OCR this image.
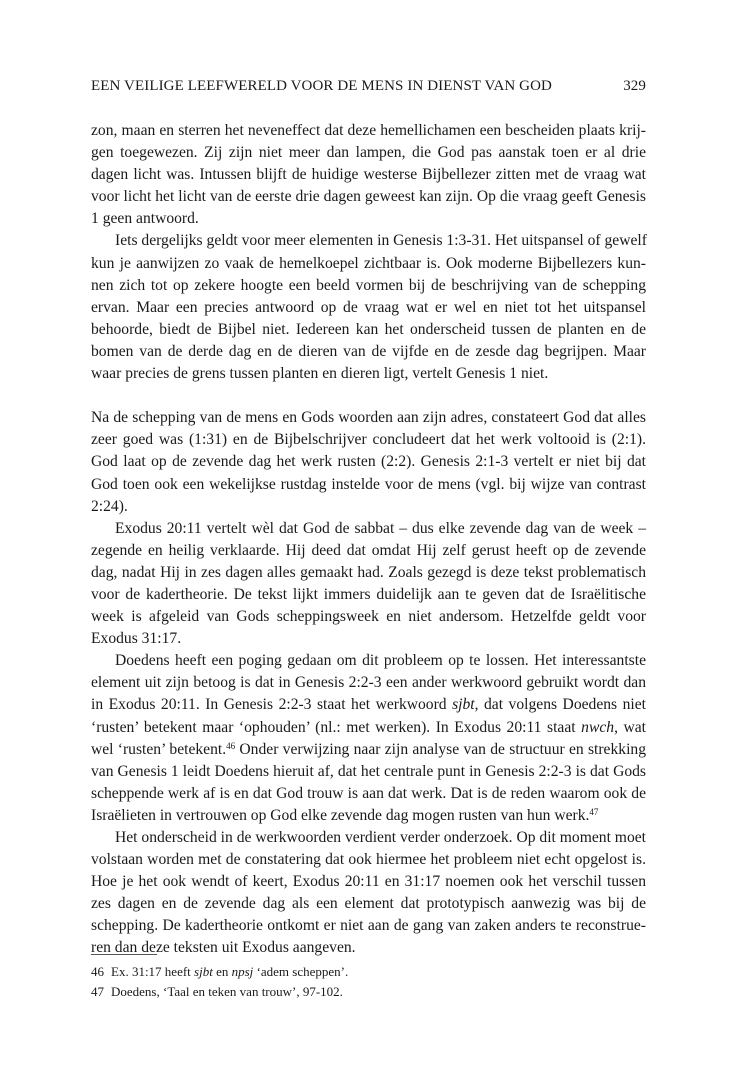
EEN VEILIGE LEEFWERELD VOOR DE MENS IN DIENST VAN GOD	329
zon, maan en sterren het neveneffect dat deze hemellichamen een bescheiden plaats krij-
gen toegewezen. Zij zijn niet meer dan lampen, die God pas aanstak toen er al drie
dagen licht was. Intussen blijft de huidige westerse Bijbellezer zitten met de vraag wat
voor licht het licht van de eerste drie dagen geweest kan zijn. Op die vraag geeft Genesis
1 geen antwoord.
Iets dergelijks geldt voor meer elementen in Genesis 1:3-31. Het uitspansel of gewelf
kun je aanwijzen zo vaak de hemelkoepel zichtbaar is. Ook moderne Bijbellezers kun-
nen zich tot op zekere hoogte een beeld vormen bij de beschrijving van de schepping
ervan. Maar een precies antwoord op de vraag wat er wel en niet tot het uitspansel
behoorde, biedt de Bijbel niet. Iedereen kan het onderscheid tussen de planten en de
bomen van de derde dag en de dieren van de vijfde en de zesde dag begrijpen. Maar
waar precies de grens tussen planten en dieren ligt, vertelt Genesis 1 niet.
Na de schepping van de mens en Gods woorden aan zijn adres, constateert God dat alles
zeer goed was (1:31) en de Bijbelschrijver concludeert dat het werk voltooid is (2:1).
God laat op de zevende dag het werk rusten (2:2). Genesis 2:1-3 vertelt er niet bij dat
God toen ook een wekelijkse rustdag instelde voor de mens (vgl. bij wijze van contrast
2:24).
Exodus 20:11 vertelt wèl dat God de sabbat – dus elke zevende dag van de week –
zegende en heilig verklaarde. Hij deed dat omdat Hij zelf gerust heeft op de zevende
dag, nadat Hij in zes dagen alles gemaakt had. Zoals gezegd is deze tekst problematisch
voor de kadertheorie. De tekst lijkt immers duidelijk aan te geven dat de Israëlitische
week is afgeleid van Gods scheppingsweek en niet andersom. Hetzelfde geldt voor
Exodus 31:17.
Doedens heeft een poging gedaan om dit probleem op te lossen. Het interessantste
element uit zijn betoog is dat in Genesis 2:2-3 een ander werkwoord gebruikt wordt dan
in Exodus 20:11. In Genesis 2:2-3 staat het werkwoord sjbt, dat volgens Doedens niet
‘rusten’ betekent maar ‘ophouden’ (nl.: met werken). In Exodus 20:11 staat nwch, wat
wel ‘rusten’ betekent.$^{46}$ Onder verwijzing naar zijn analyse van de structuur en strekking
van Genesis 1 leidt Doedens hieruit af, dat het centrale punt in Genesis 2:2-3 is dat Gods
scheppende werk af is en dat God trouw is aan dat werk. Dat is de reden waarom ook de
Israëlieten in vertrouwen op God elke zevende dag mogen rusten van hun werk.$^{47}$
Het onderscheid in de werkwoorden verdient verder onderzoek. Op dit moment moet
volstaan worden met de constatering dat ook hiermee het probleem niet echt opgelost is.
Hoe je het ook wendt of keert, Exodus 20:11 en 31:17 noemen ook het verschil tussen
zes dagen en de zevende dag als een element dat prototypisch aanwezig was bij de
schepping. De kadertheorie ontkomt er niet aan de gang van zaken anders te reconstrue-
ren dan deze teksten uit Exodus aangeven.
46 Ex. 31:17 heeft sjbt en npsj ‘adem scheppen’.
47 Doedens, ‘Taal en teken van trouw’, 97-102.
